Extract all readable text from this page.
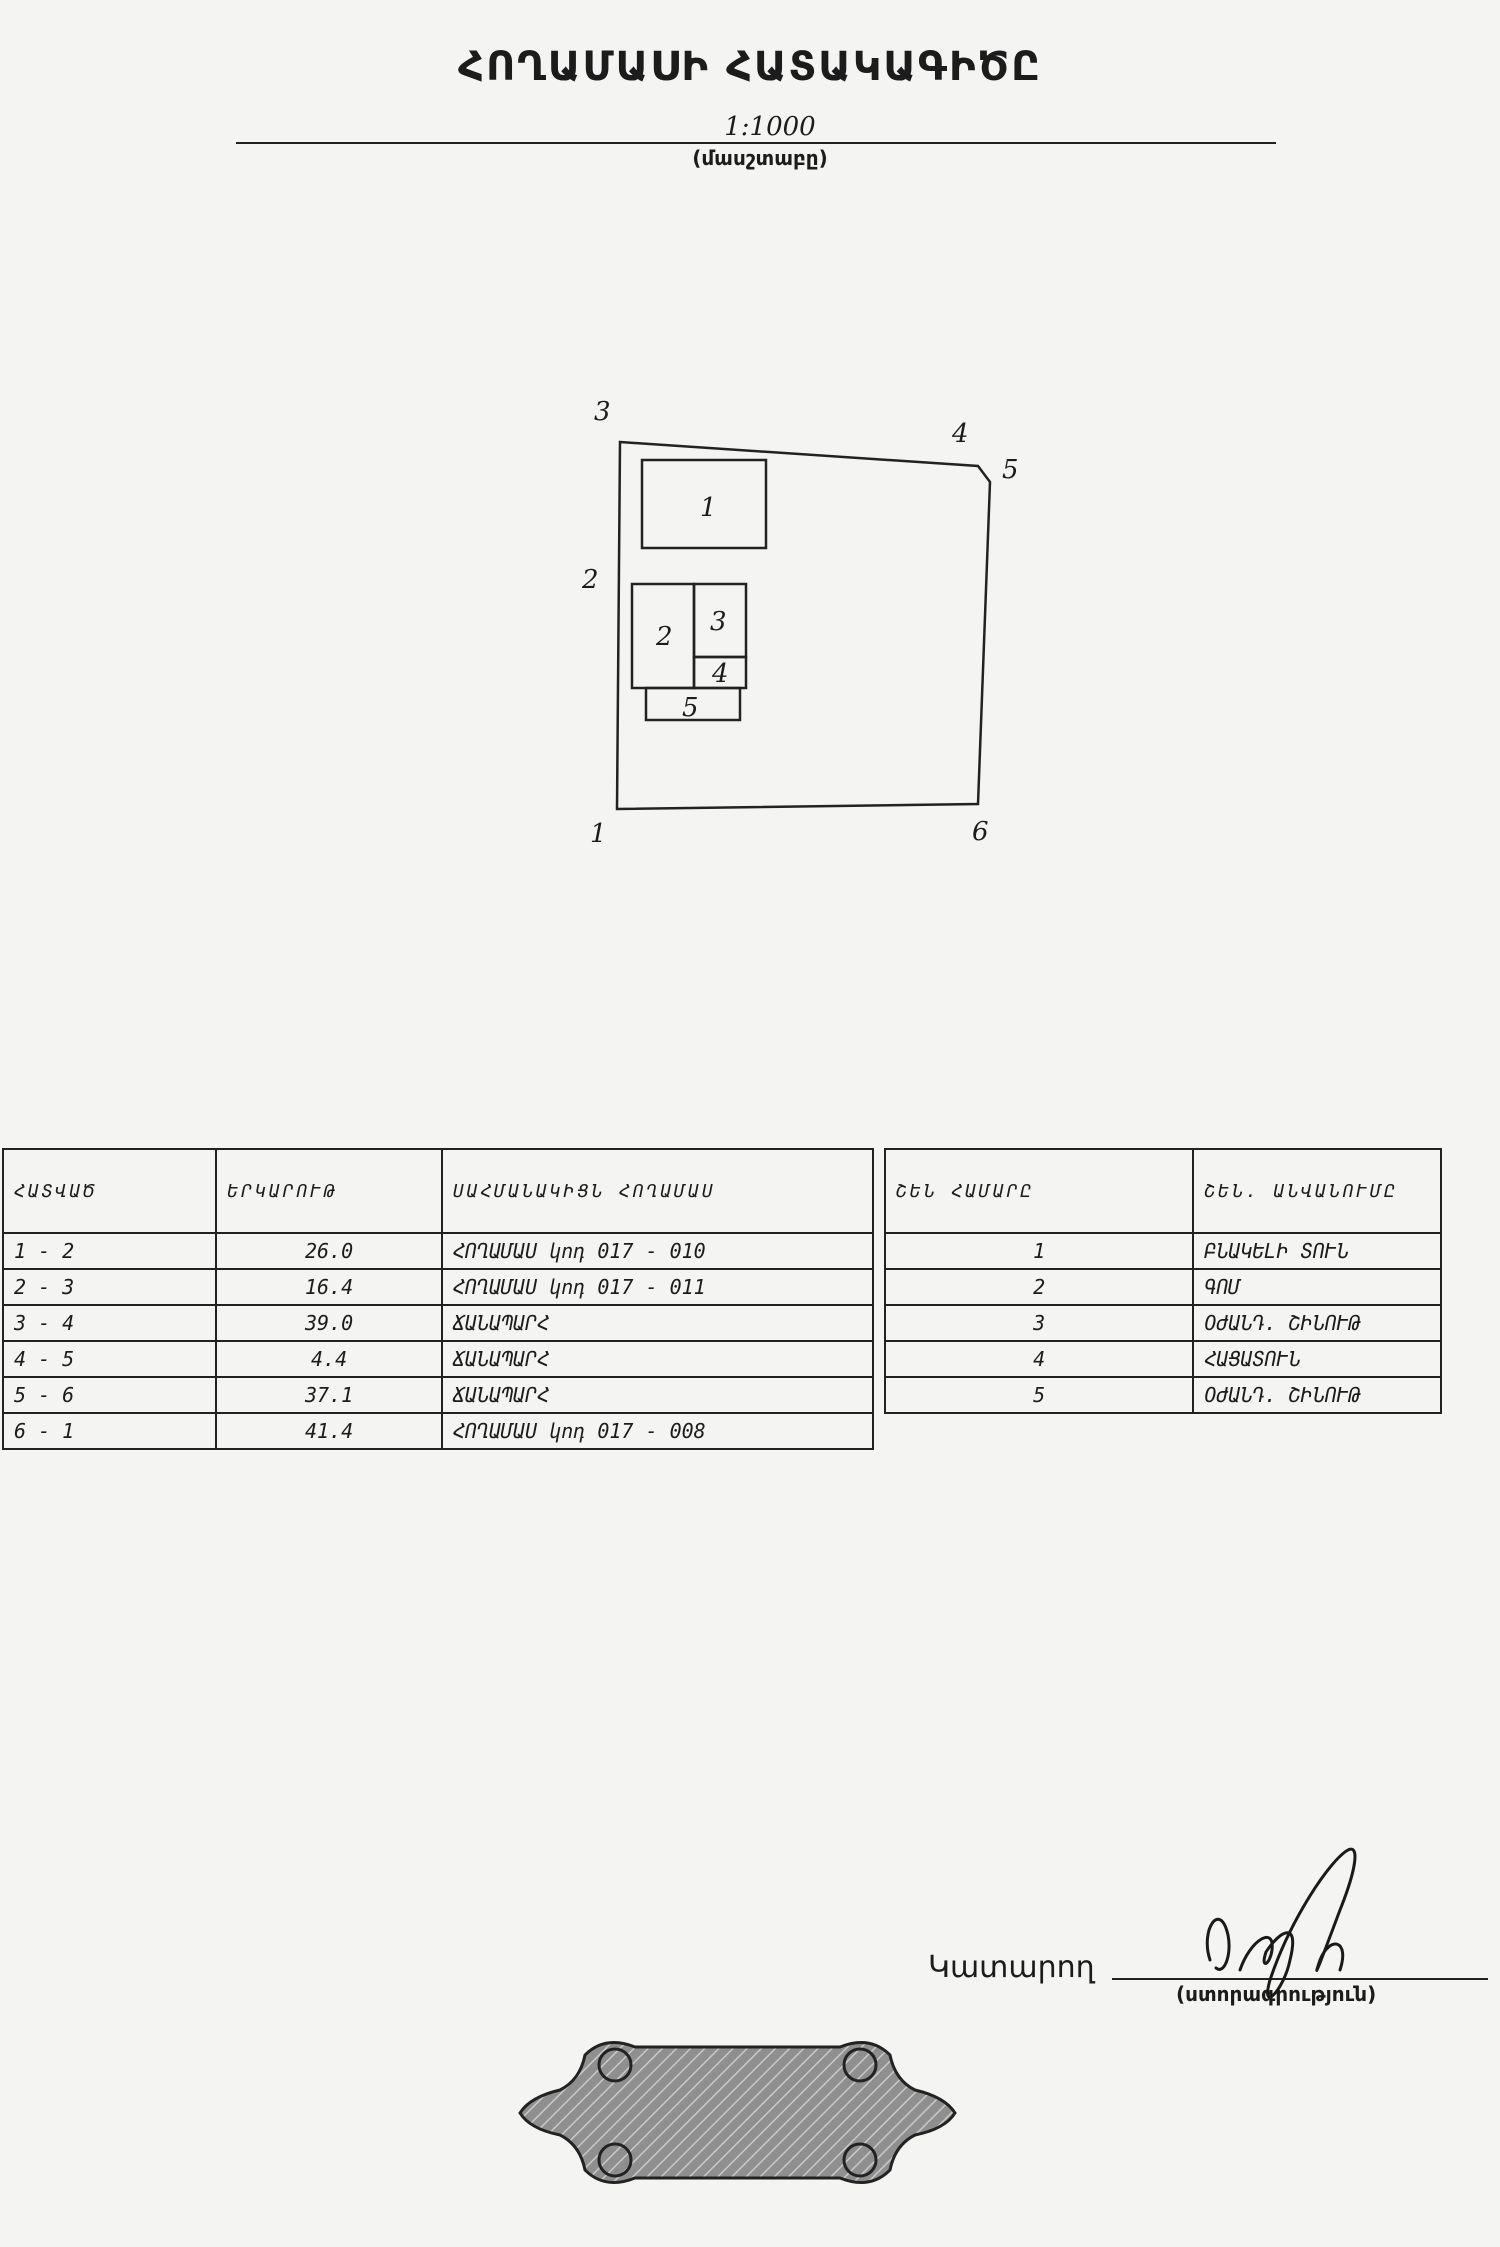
ՀՈՂԱՄԱՍԻ ՀԱՏԱԿԱԳԻԾԸ
1:1000
(մասշտաբը)
1
2 3
4
5
1
2
3
4
5
6
ՀԱՏՎԱԾ	ԵՐԿԱՐՈՒԹ	ՍԱՀՄԱՆԱԿԻՑՆ ՀՈՂԱՄԱՍ
1 - 2	26.0	ՀՈՂԱՄԱՍ կոդ 017 - 010
2 - 3	16.4	ՀՈՂԱՄԱՍ կոդ 017 - 011
3 - 4	39.0	ՃԱՆԱՊԱՐՀ
4 - 5	4.4	ՃԱՆԱՊԱՐՀ
5 - 6	37.1	ՃԱՆԱՊԱՐՀ
6 - 1	41.4	ՀՈՂԱՄԱՍ կոդ 017 - 008
ՇԵՆ ՀԱՄԱՐԸ	ՇԵՆ. ԱՆՎԱՆՈՒՄԸ
1	ԲՆԱԿԵԼԻ ՏՈՒՆ
2	ԳՈՄ
3	ՕԺԱՆԴ. ՇԻՆՈՒԹ
4	ՀԱՑԱՏՈՒՆ
5	ՕԺԱՆԴ. ՇԻՆՈՒԹ
Կատարող
(ստորագրություն)
